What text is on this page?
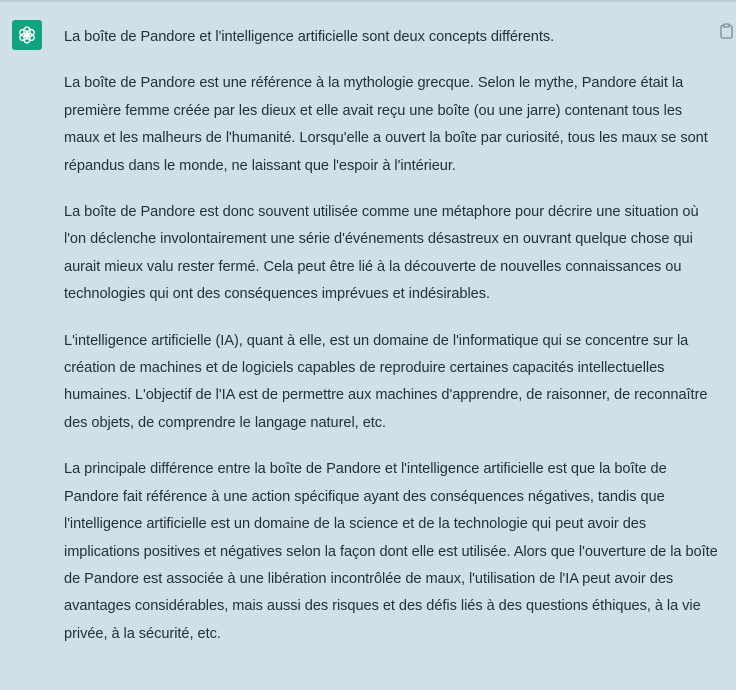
La boîte de Pandore et l'intelligence artificielle sont deux concepts différents.

La boîte de Pandore est une référence à la mythologie grecque. Selon le mythe, Pandore était la première femme créée par les dieux et elle avait reçu une boîte (ou une jarre) contenant tous les maux et les malheurs de l'humanité. Lorsqu'elle a ouvert la boîte par curiosité, tous les maux se sont répandus dans le monde, ne laissant que l'espoir à l'intérieur.

La boîte de Pandore est donc souvent utilisée comme une métaphore pour décrire une situation où l'on déclenche involontairement une série d'événements désastreux en ouvrant quelque chose qui aurait mieux valu rester fermé. Cela peut être lié à la découverte de nouvelles connaissances ou technologies qui ont des conséquences imprévues et indésirables.

L'intelligence artificielle (IA), quant à elle, est un domaine de l'informatique qui se concentre sur la création de machines et de logiciels capables de reproduire certaines capacités intellectuelles humaines. L'objectif de l'IA est de permettre aux machines d'apprendre, de raisonner, de reconnaître des objets, de comprendre le langage naturel, etc.

La principale différence entre la boîte de Pandore et l'intelligence artificielle est que la boîte de Pandore fait référence à une action spécifique ayant des conséquences négatives, tandis que l'intelligence artificielle est un domaine de la science et de la technologie qui peut avoir des implications positives et négatives selon la façon dont elle est utilisée. Alors que l'ouverture de la boîte de Pandore est associée à une libération incontrôlée de maux, l'utilisation de l'IA peut avoir des avantages considérables, mais aussi des risques et des défis liés à des questions éthiques, à la vie privée, à la sécurité, etc.
